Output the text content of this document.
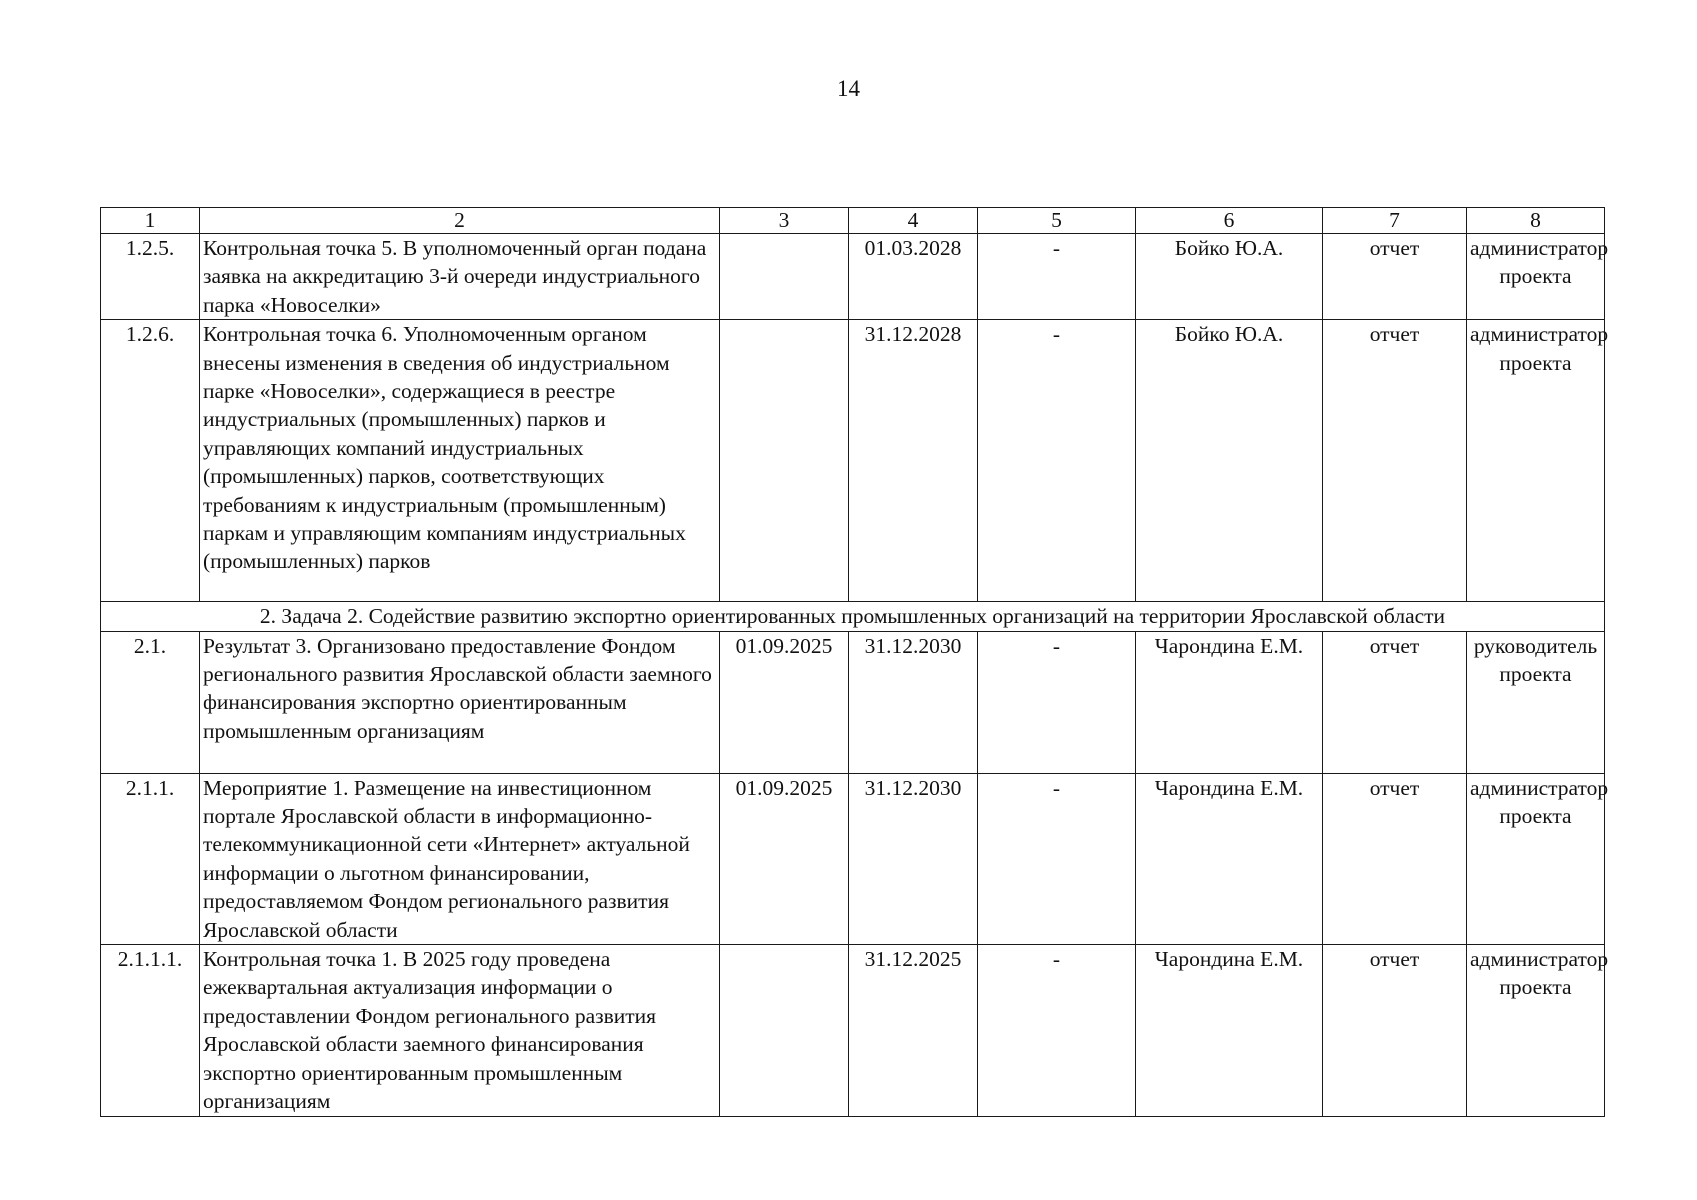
14
1	2	3	4	5	6	7	8
1.2.5.	Контрольная точка 5. В уполномоченный орган подана заявка на аккредитацию 3-й очереди индустриального парка «Новоселки»		01.03.2028	-	Бойко Ю.А.	отчет	администратор проекта
1.2.6.	Контрольная точка 6. Уполномоченным органом внесены изменения в сведения об индустриальном парке «Новоселки», содержащиеся в реестре индустриальных (промышленных) парков и управляющих компаний индустриальных (промышленных) парков, соответствующих требованиям к индустриальным (промышленным) паркам и управляющим компаниям индустриальных (промышленных) парков		31.12.2028	-	Бойко Ю.А.	отчет	администратор проекта
2. Задача 2. Содействие развитию экспортно ориентированных промышленных организаций на территории Ярославской области							
2.1.	Результат 3. Организовано предоставление Фондом регионального развития Ярославской области заемного финансирования экспортно ориентированным промышленным организациям	01.09.2025	31.12.2030	-	Чарондина Е.М.	отчет	руководитель проекта
2.1.1.	Мероприятие 1. Размещение на инвестиционном портале Ярославской области в информационно-телекоммуникационной сети «Интернет» актуальной информации о льготном финансировании, предоставляемом Фондом регионального развития Ярославской области	01.09.2025	31.12.2030	-	Чарондина Е.М.	отчет	администратор проекта
2.1.1.1.	Контрольная точка 1. В 2025 году проведена ежеквартальная актуализация информации о предоставлении Фондом регионального развития Ярославской области заемного финансирования экспортно ориентированным промышленным организациям		31.12.2025	-	Чарондина Е.М.	отчет	администратор проекта
